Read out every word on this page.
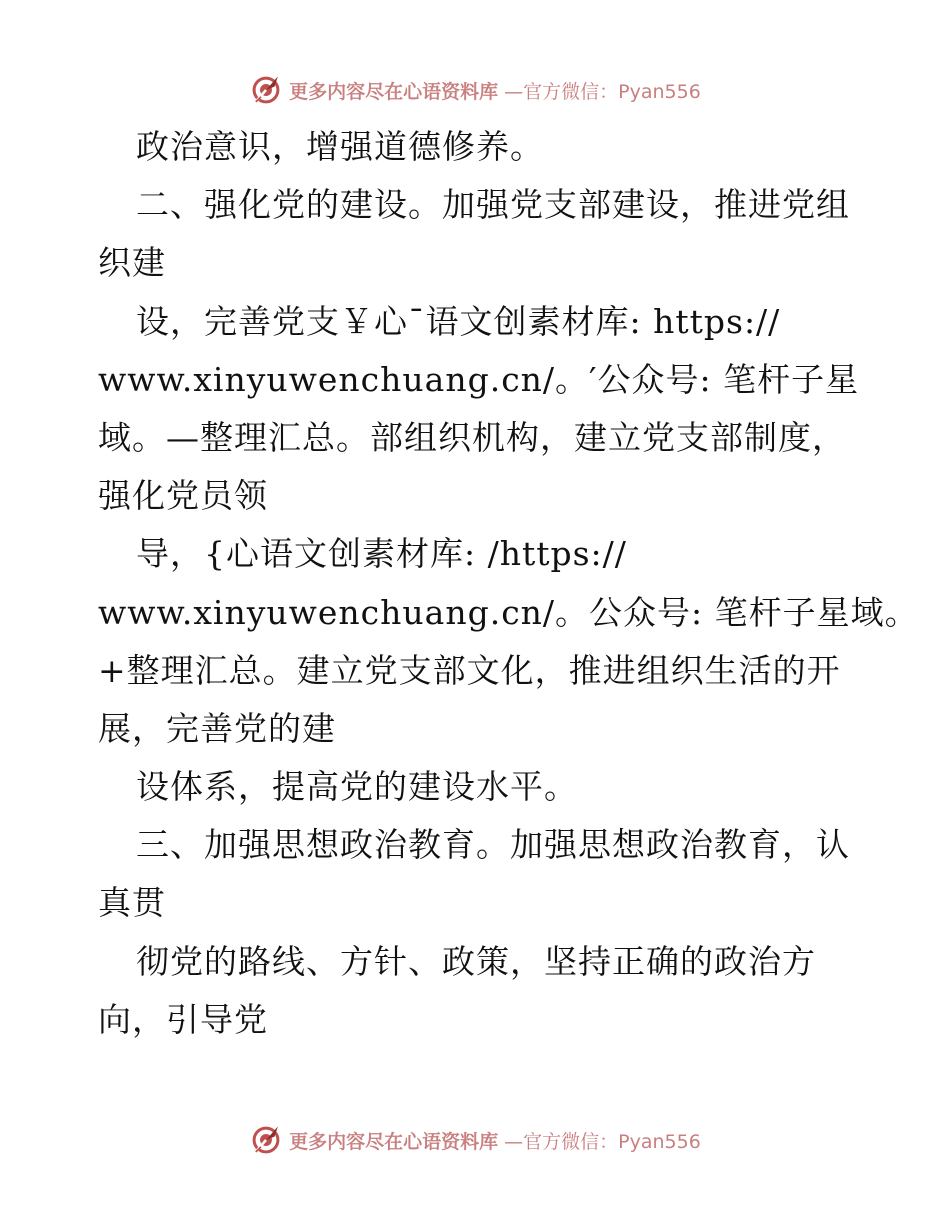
更多内容尽在心语资料库 —官方微信：Pyan556
政治意识，增强道德修养。
二、强化党的建设。加强党支部建设，推进党组
织建
设，完善党支￥心¯语文创素材库: https://
www.xinyuwenchuang.cn/。′公众号: 笔杆子星
域。—整理汇总。部组织机构，建立党支部制度，
强化党员领
导，{心语文创素材库: /https://
www.xinyuwenchuang.cn/。公众号: 笔杆子星域。
+整理汇总。建立党支部文化，推进组织生活的开
展，完善党的建
设体系，提高党的建设水平。
三、加强思想政治教育。加强思想政治教育，认
真贯
彻党的路线、方针、政策，坚持正确的政治方
向，引导党
更多内容尽在心语资料库 —官方微信：Pyan556
